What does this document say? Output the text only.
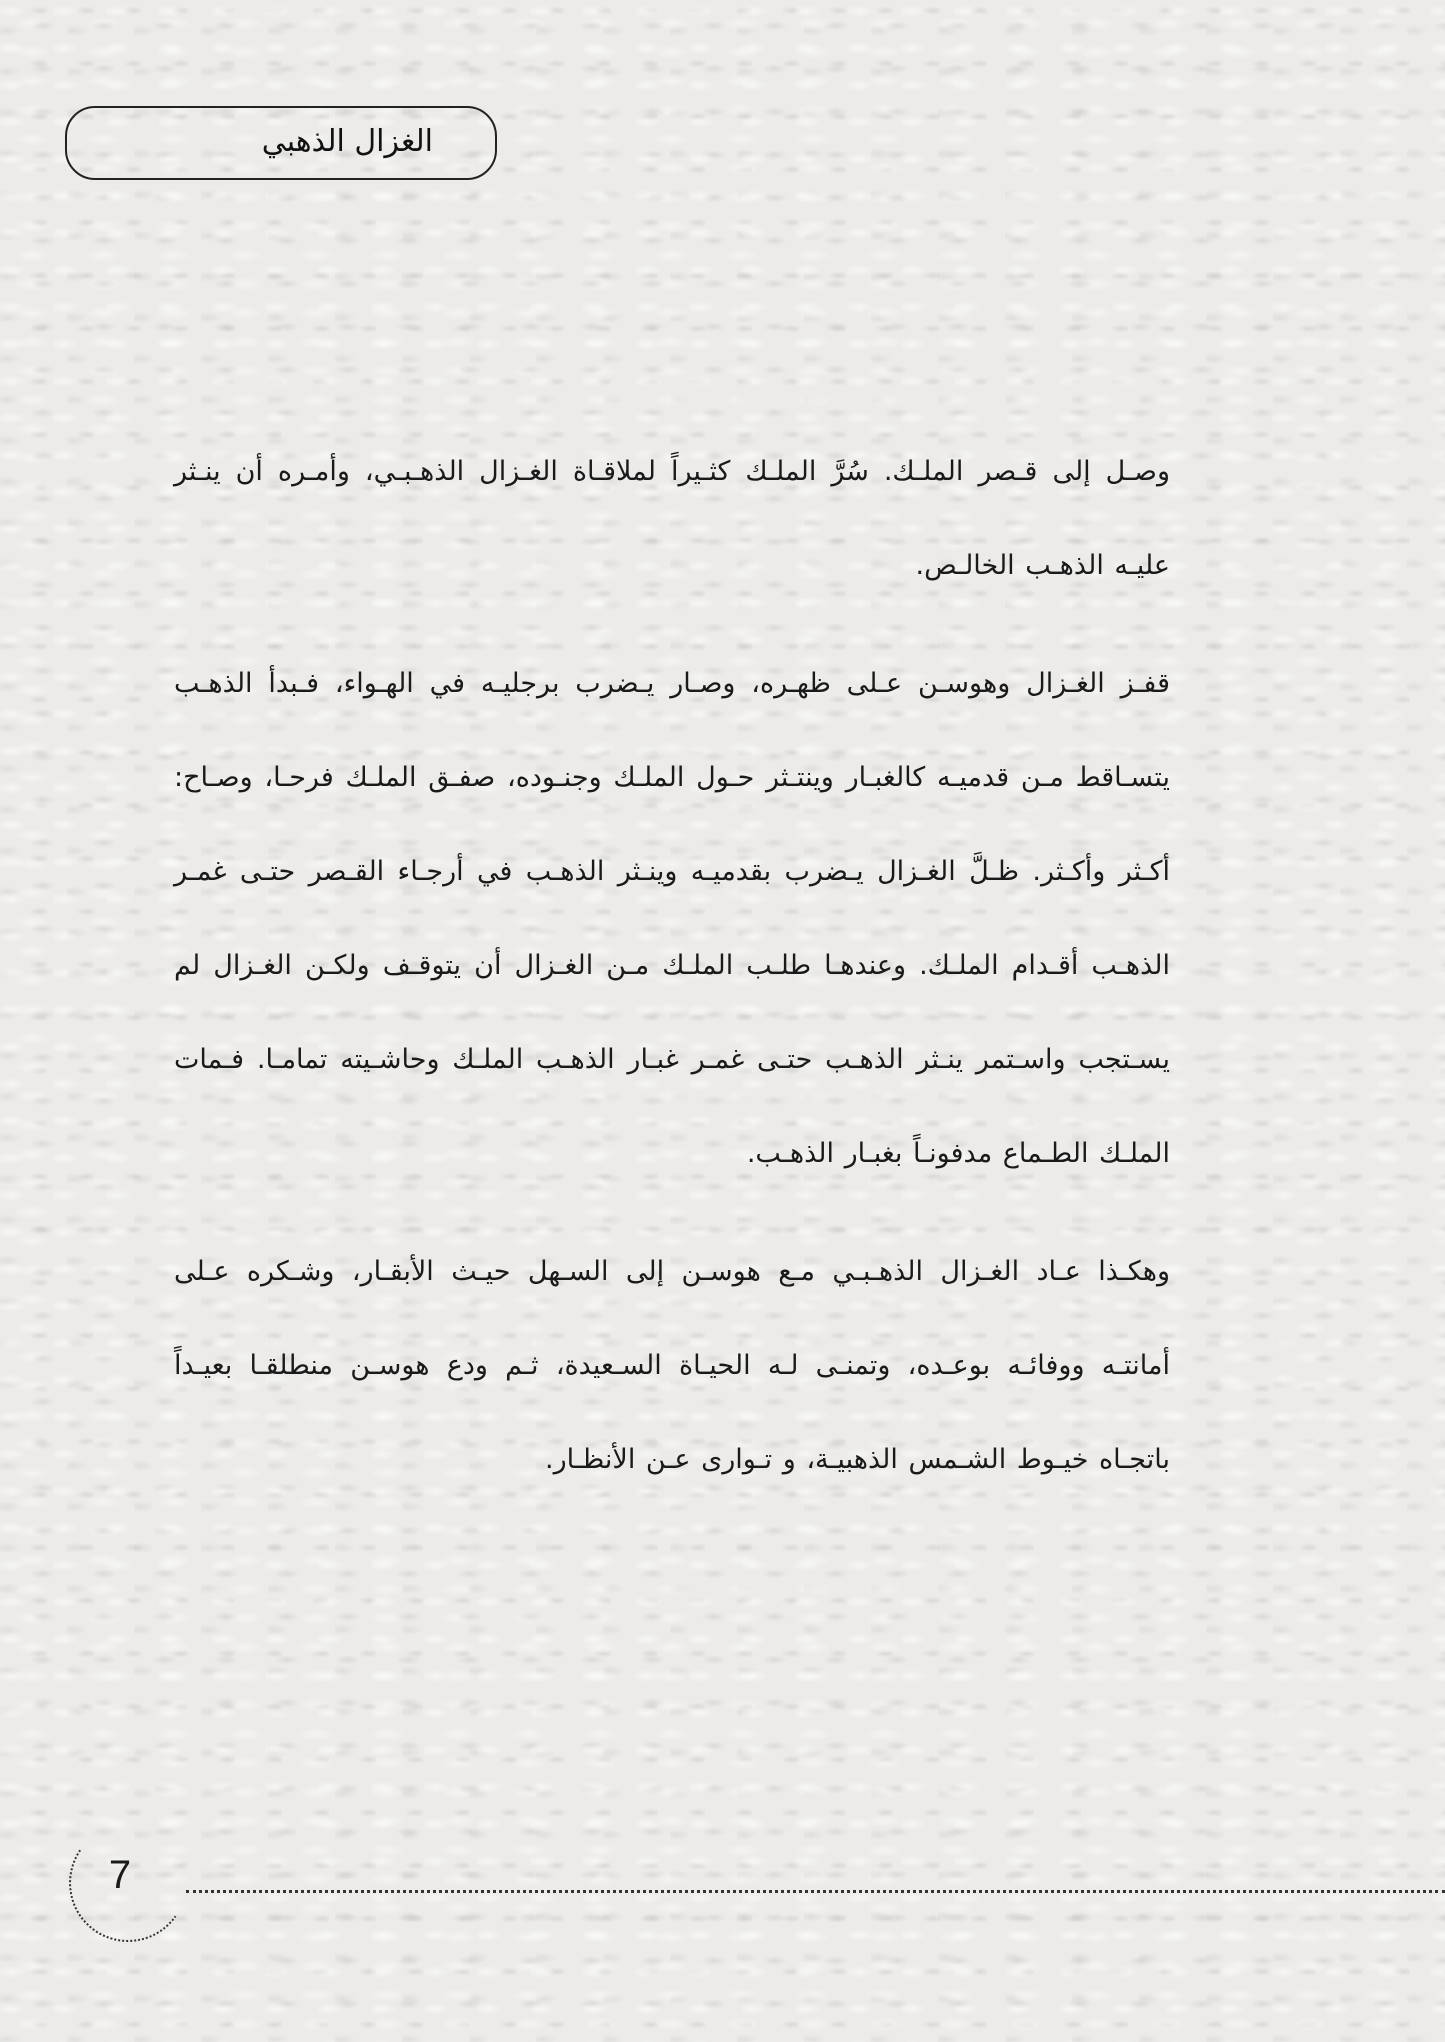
الغزال الذهبي

وصـل إلى قـصر الملـك. سُرَّ الملـك كثـيراً لملاقـاة الغـزال الذهـبـي، وأمـره أن ينـثر عليـه الذهـب الخالـص.

قفـز الغـزال وهوسـن عـلى ظهـره، وصـار يـضرب برجليـه في الهـواء، فـبدأ الذهـب يتسـاقط مـن قدميـه كالغبـار وينتـثر حـول الملـك وجنـوده، صفـق الملـك فرحـا، وصـاح: أكـثر وأكـثر. ظـلَّ الغـزال يـضرب بقدميـه وينـثر الذهـب في أرجـاء القـصر حتـى غمـر الذهـب أقـدام الملـك. وعندهـا طلـب الملـك مـن الغـزال أن يتوقـف ولكـن الغـزال لم يسـتجب واسـتمر ينـثر الذهـب حتـى غمـر غبـار الذهـب الملـك وحاشـيته تمامـا. فـمات الملـك الطـماع مدفونـاً بغبـار الذهـب.

وهكـذا عـاد الغـزال الذهـبـي مـع هوسـن إلى السـهل حيـث الأبقـار، وشـكره عـلى أمانتـه ووفائـه بوعـده، وتمنـى لـه الحيـاة السـعيدة، ثـم ودع هوسـن منطلقـا بعيـداً باتجـاه خيـوط الشـمس الذهبيـة، و تـوارى عـن الأنظـار.

7
